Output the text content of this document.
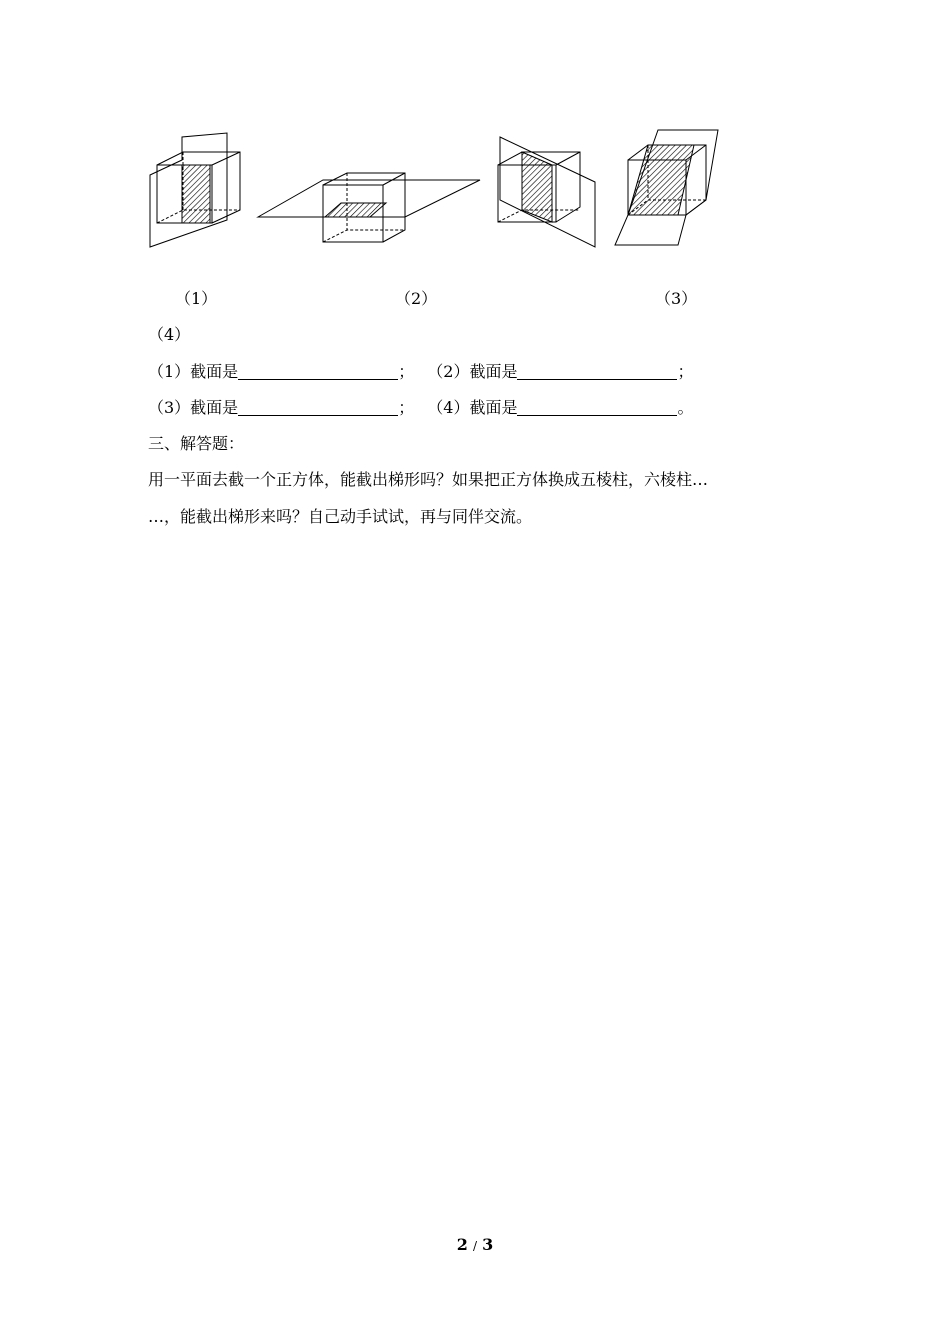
（1）	（2）	（3）
（4）
（1）截面是	； （2）截面是	；
（3）截面是	； （4）截面是	。
三、解答题：
用一平面去截一个正方体，能截出梯形吗？如果把正方体换成五棱柱，六棱柱…
…，能截出梯形来吗？自己动手试试，再与同伴交流。
2 / 3
